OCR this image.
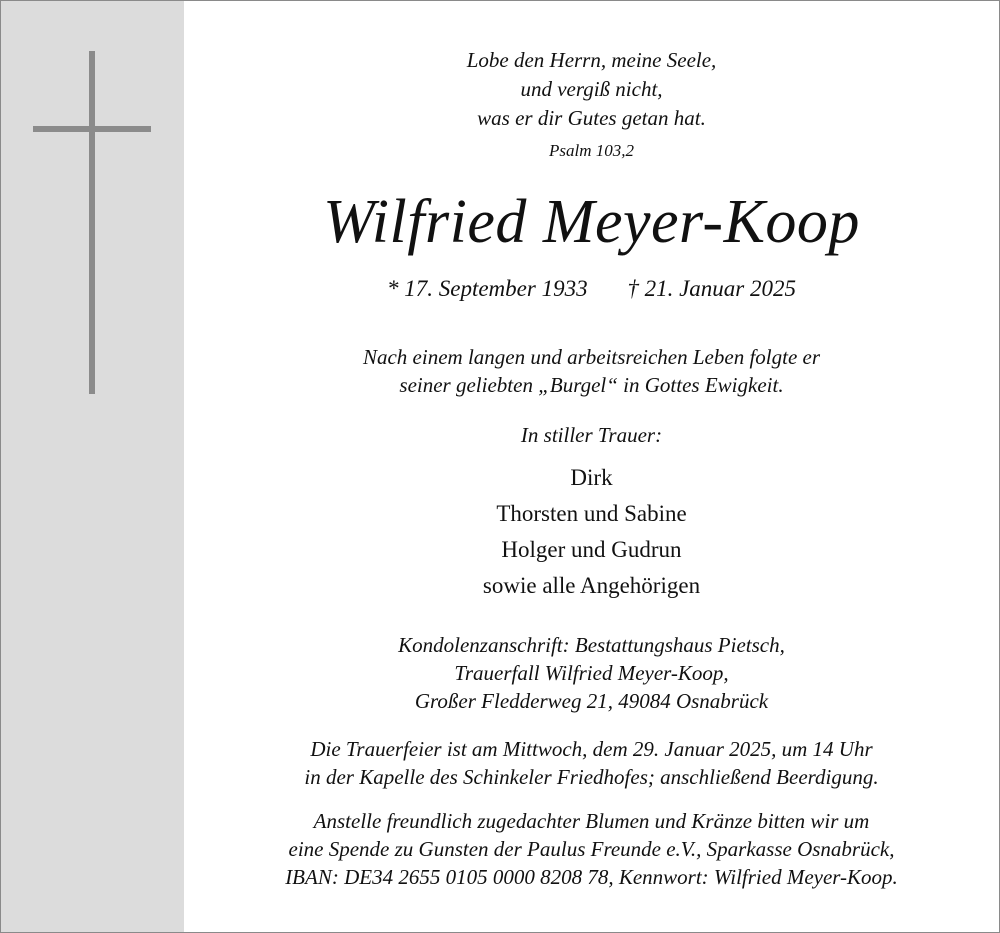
Lobe den Herrn, meine Seele,
und vergiß nicht,
was er dir Gutes getan hat.
Psalm 103,2
Wilfried Meyer-Koop
* 17. September 1933 † 21. Januar 2025
Nach einem langen und arbeitsreichen Leben folgte er
seiner geliebten „Burgel“ in Gottes Ewigkeit.
In stiller Trauer:
Dirk
Thorsten und Sabine
Holger und Gudrun
sowie alle Angehörigen
Kondolenzanschrift: Bestattungshaus Pietsch,
Trauerfall Wilfried Meyer-Koop,
Großer Fledderweg 21, 49084 Osnabrück
Die Trauerfeier ist am Mittwoch, dem 29. Januar 2025, um 14 Uhr
in der Kapelle des Schinkeler Friedhofes; anschließend Beerdigung.
Anstelle freundlich zugedachter Blumen und Kränze bitten wir um
eine Spende zu Gunsten der Paulus Freunde e.V., Sparkasse Osnabrück,
IBAN: DE34 2655 0105 0000 8208 78, Kennwort: Wilfried Meyer-Koop.
